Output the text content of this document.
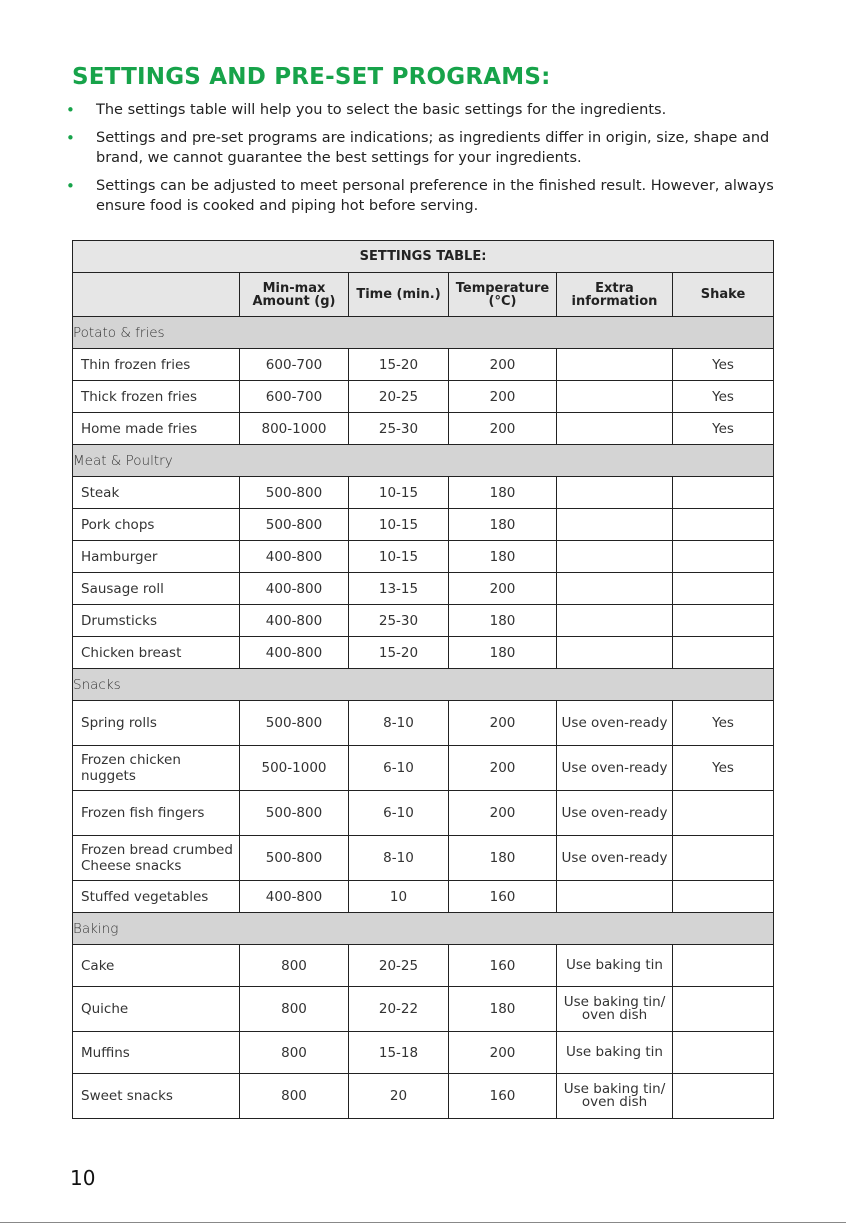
SETTINGS AND PRE-SET PROGRAMS:
• The settings table will help you to select the basic settings for the ingredients.
• Settings and pre-set programs are indications; as ingredients differ in origin, size, shape and brand, we cannot guarantee the best settings for your ingredients.
• Settings can be adjusted to meet personal preference in the finished result. However, always ensure food is cooked and piping hot before serving.
SETTINGS TABLE:					
	Min-max Amount (g)	Time (min.)	Temperature (°C)	Extra information	Shake
Potato & fries					
Thin frozen fries	600-700	15-20	200		Yes
Thick frozen fries	600-700	20-25	200		Yes
Home made fries	800-1000	25-30	200		Yes
Meat & Poultry					
Steak	500-800	10-15	180		
Pork chops	500-800	10-15	180		
Hamburger	400-800	10-15	180		
Sausage roll	400-800	13-15	200		
Drumsticks	400-800	25-30	180		
Chicken breast	400-800	15-20	180		
Snacks					
Spring rolls	500-800	8-10	200	Use oven-ready	Yes
Frozen chicken nuggets	500-1000	6-10	200	Use oven-ready	Yes
Frozen fish fingers	500-800	6-10	200	Use oven-ready	
Frozen bread crumbed Cheese snacks	500-800	8-10	180	Use oven-ready	
Stuffed vegetables	400-800	10	160		
Baking					
Cake	800	20-25	160	Use baking tin	
Quiche	800	20-22	180	Use baking tin/ oven dish	
Muffins	800	15-18	200	Use baking tin	
Sweet snacks	800	20	160	Use baking tin/ oven dish	
10
